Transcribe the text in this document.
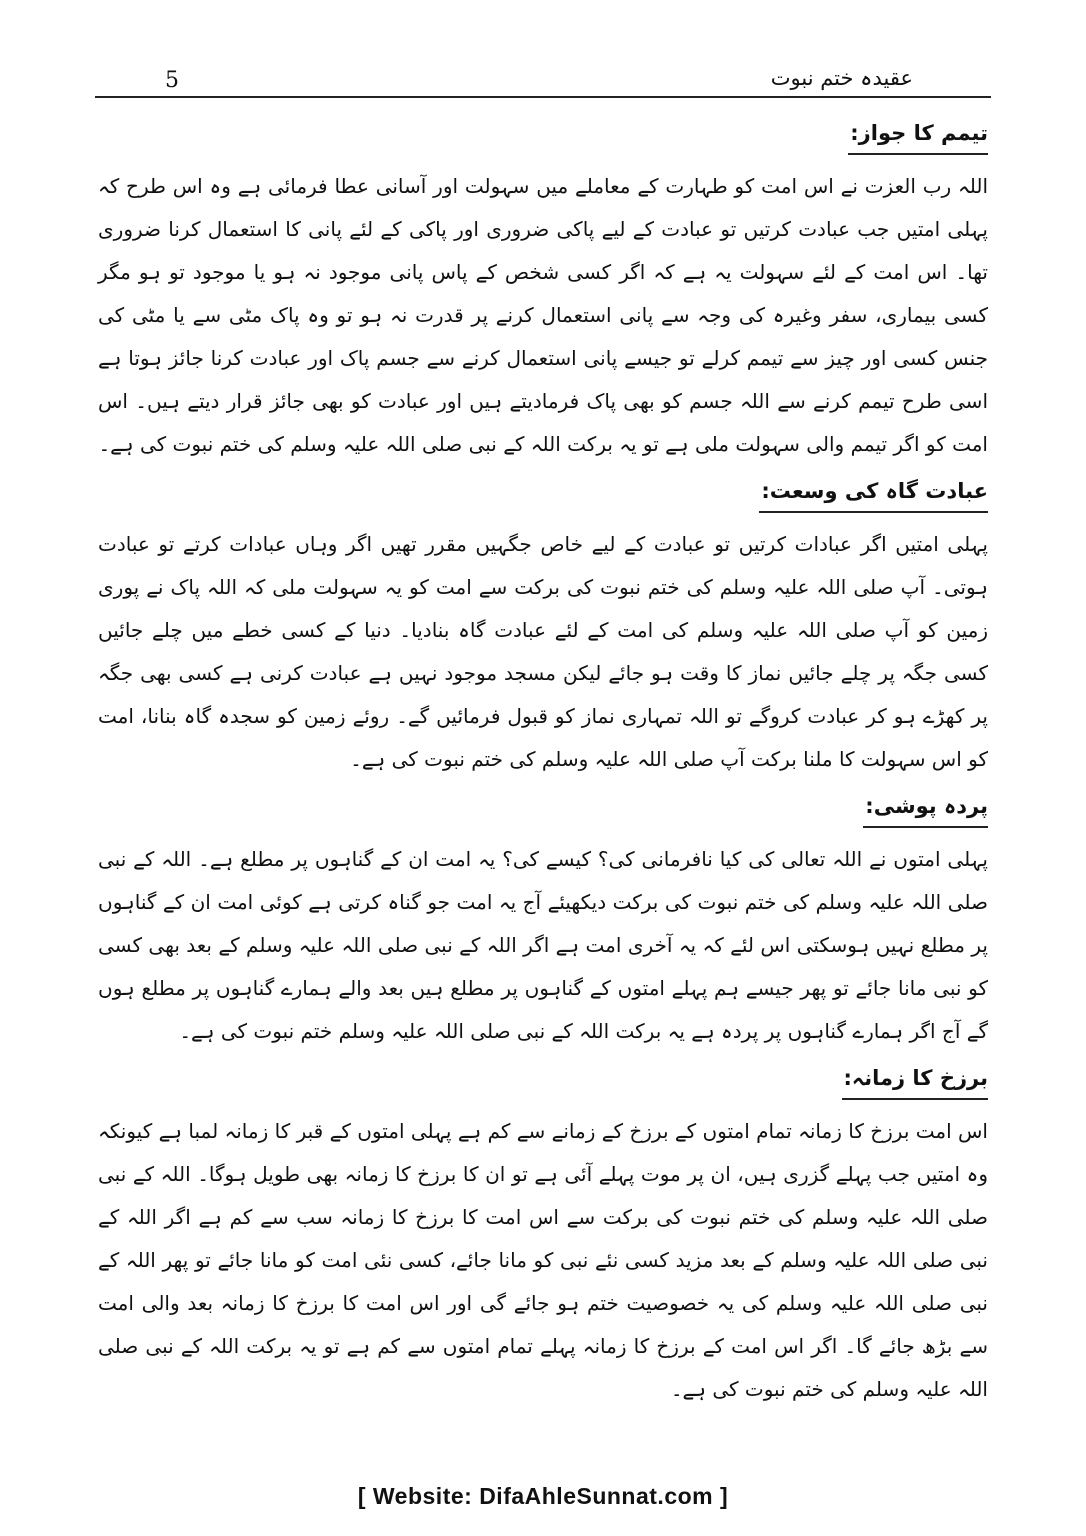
5	عقیدہ ختم نبوت
تیمم کا جواز:

اللہ رب العزت نے اس امت کو طہارت کے معاملے میں سہولت اور آسانی عطا فرمائی ہے وہ اس طرح کہ پہلی امتیں جب عبادت کرتیں تو عبادت کے لیے پاکی ضروری اور پاکی کے لئے پانی کا استعمال کرنا ضروری تھا۔ اس امت کے لئے سہولت یہ ہے کہ اگر کسی شخص کے پاس پانی موجود نہ ہو یا موجود تو ہو مگر کسی بیماری، سفر وغیرہ کی وجہ سے پانی استعمال کرنے پر قدرت نہ ہو تو وہ پاک مٹی سے یا مٹی کی جنس کسی اور چیز سے تیمم کرلے تو جیسے پانی استعمال کرنے سے جسم پاک اور عبادت کرنا جائز ہوتا ہے اسی طرح تیمم کرنے سے اللہ جسم کو بھی پاک فرمادیتے ہیں اور عبادت کو بھی جائز قرار دیتے ہیں۔ اس امت کو اگر تیمم والی سہولت ملی ہے تو یہ برکت اللہ کے نبی صلی اللہ علیہ وسلم کی ختم نبوت کی ہے۔

عبادت گاہ کی وسعت:

پہلی امتیں اگر عبادات کرتیں تو عبادت کے لیے خاص جگہیں مقرر تھیں اگر وہاں عبادات کرتے تو عبادت ہوتی۔ آپ صلی اللہ علیہ وسلم کی ختم نبوت کی برکت سے امت کو یہ سہولت ملی کہ اللہ پاک نے پوری زمین کو آپ صلی اللہ علیہ وسلم کی امت کے لئے عبادت گاہ بنادیا۔ دنیا کے کسی خطے میں چلے جائیں کسی جگہ پر چلے جائیں نماز کا وقت ہو جائے لیکن مسجد موجود نہیں ہے عبادت کرنی ہے کسی بھی جگہ پر کھڑے ہو کر عبادت کروگے تو اللہ تمہاری نماز کو قبول فرمائیں گے۔ روئے زمین کو سجدہ گاہ بنانا، امت کو اس سہولت کا ملنا برکت آپ صلی اللہ علیہ وسلم کی ختم نبوت کی ہے۔

پردہ پوشی:

پہلی امتوں نے اللہ تعالی کی کیا نافرمانی کی؟ کیسے کی؟ یہ امت ان کے گناہوں پر مطلع ہے۔ اللہ کے نبی صلی اللہ علیہ وسلم کی ختم نبوت کی برکت دیکھیئے آج یہ امت جو گناہ کرتی ہے کوئی امت ان کے گناہوں پر مطلع نہیں ہوسکتی اس لئے کہ یہ آخری امت ہے اگر اللہ کے نبی صلی اللہ علیہ وسلم کے بعد بھی کسی کو نبی مانا جائے تو پھر جیسے ہم پہلے امتوں کے گناہوں پر مطلع ہیں بعد والے ہمارے گناہوں پر مطلع ہوں گے آج اگر ہمارے گناہوں پر پردہ ہے یہ برکت اللہ کے نبی صلی اللہ علیہ وسلم ختم نبوت کی ہے۔

برزخ کا زمانہ:

اس امت برزخ کا زمانہ تمام امتوں کے برزخ کے زمانے سے کم ہے پہلی امتوں کے قبر کا زمانہ لمبا ہے کیونکہ وہ امتیں جب پہلے گزری ہیں، ان پر موت پہلے آئی ہے تو ان کا برزخ کا زمانہ بھی طویل ہوگا۔ اللہ کے نبی صلی اللہ علیہ وسلم کی ختم نبوت کی برکت سے اس امت کا برزخ کا زمانہ سب سے کم ہے اگر اللہ کے نبی صلی اللہ علیہ وسلم کے بعد مزید کسی نئے نبی کو مانا جائے، کسی نئی امت کو مانا جائے تو پھر اللہ کے نبی صلی اللہ علیہ وسلم کی یہ خصوصیت ختم ہو جائے گی اور اس امت کا برزخ کا زمانہ بعد والی امت سے بڑھ جائے گا۔ اگر اس امت کے برزخ کا زمانہ پہلے تمام امتوں سے کم ہے تو یہ برکت اللہ کے نبی صلی اللہ علیہ وسلم کی ختم نبوت کی ہے۔

[ Website: DifaAhleSunnat.com ]
